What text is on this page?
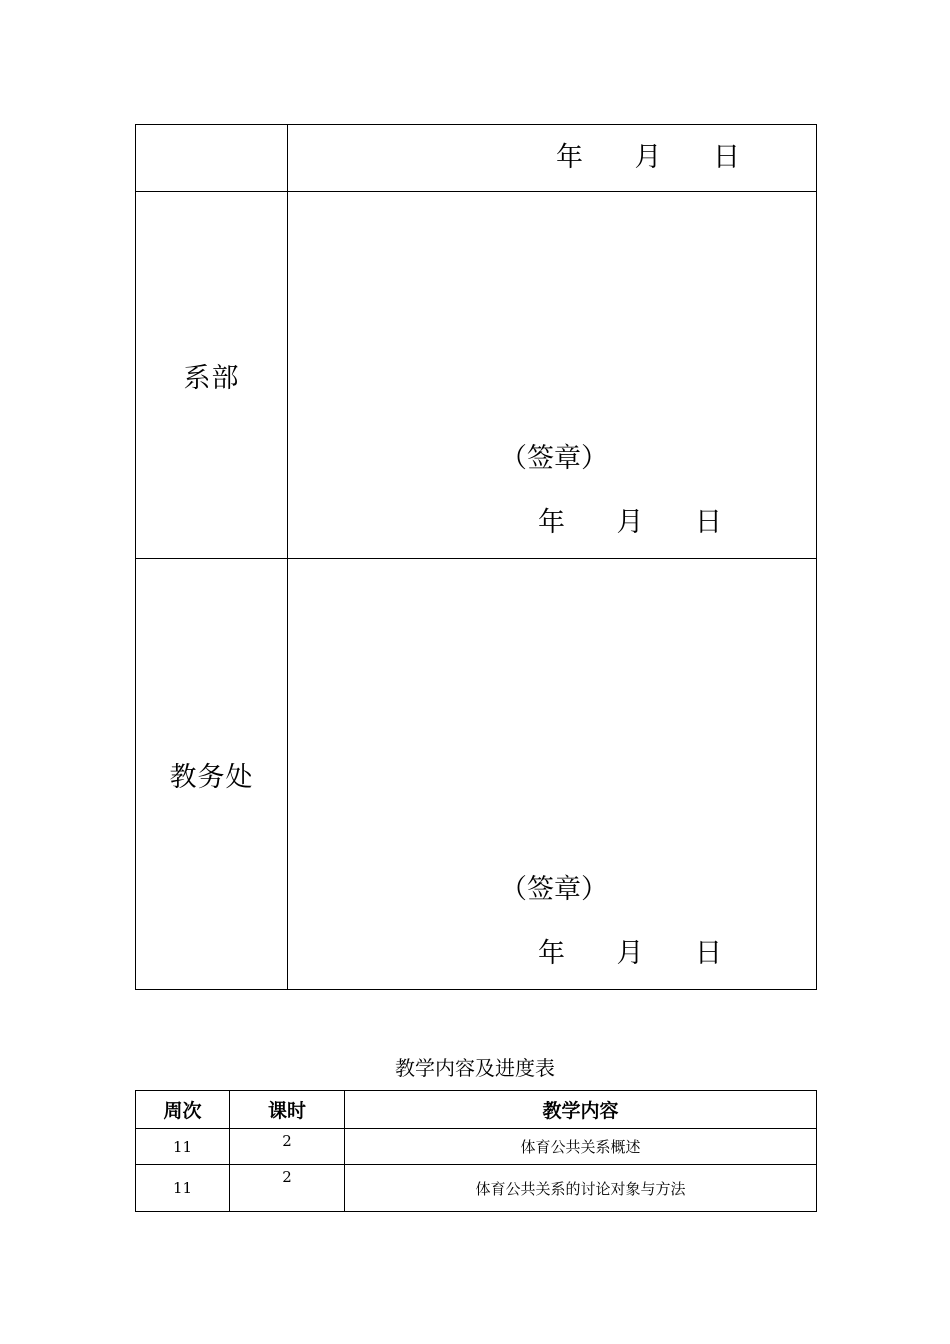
	年      月      日

系部	（签章）
年      月      日

教务处	（签章）
年      月      日
教学内容及进度表
周次	课时	教学内容
11	2	体育公共关系概述
11	2	体育公共关系的讨论对象与方法
